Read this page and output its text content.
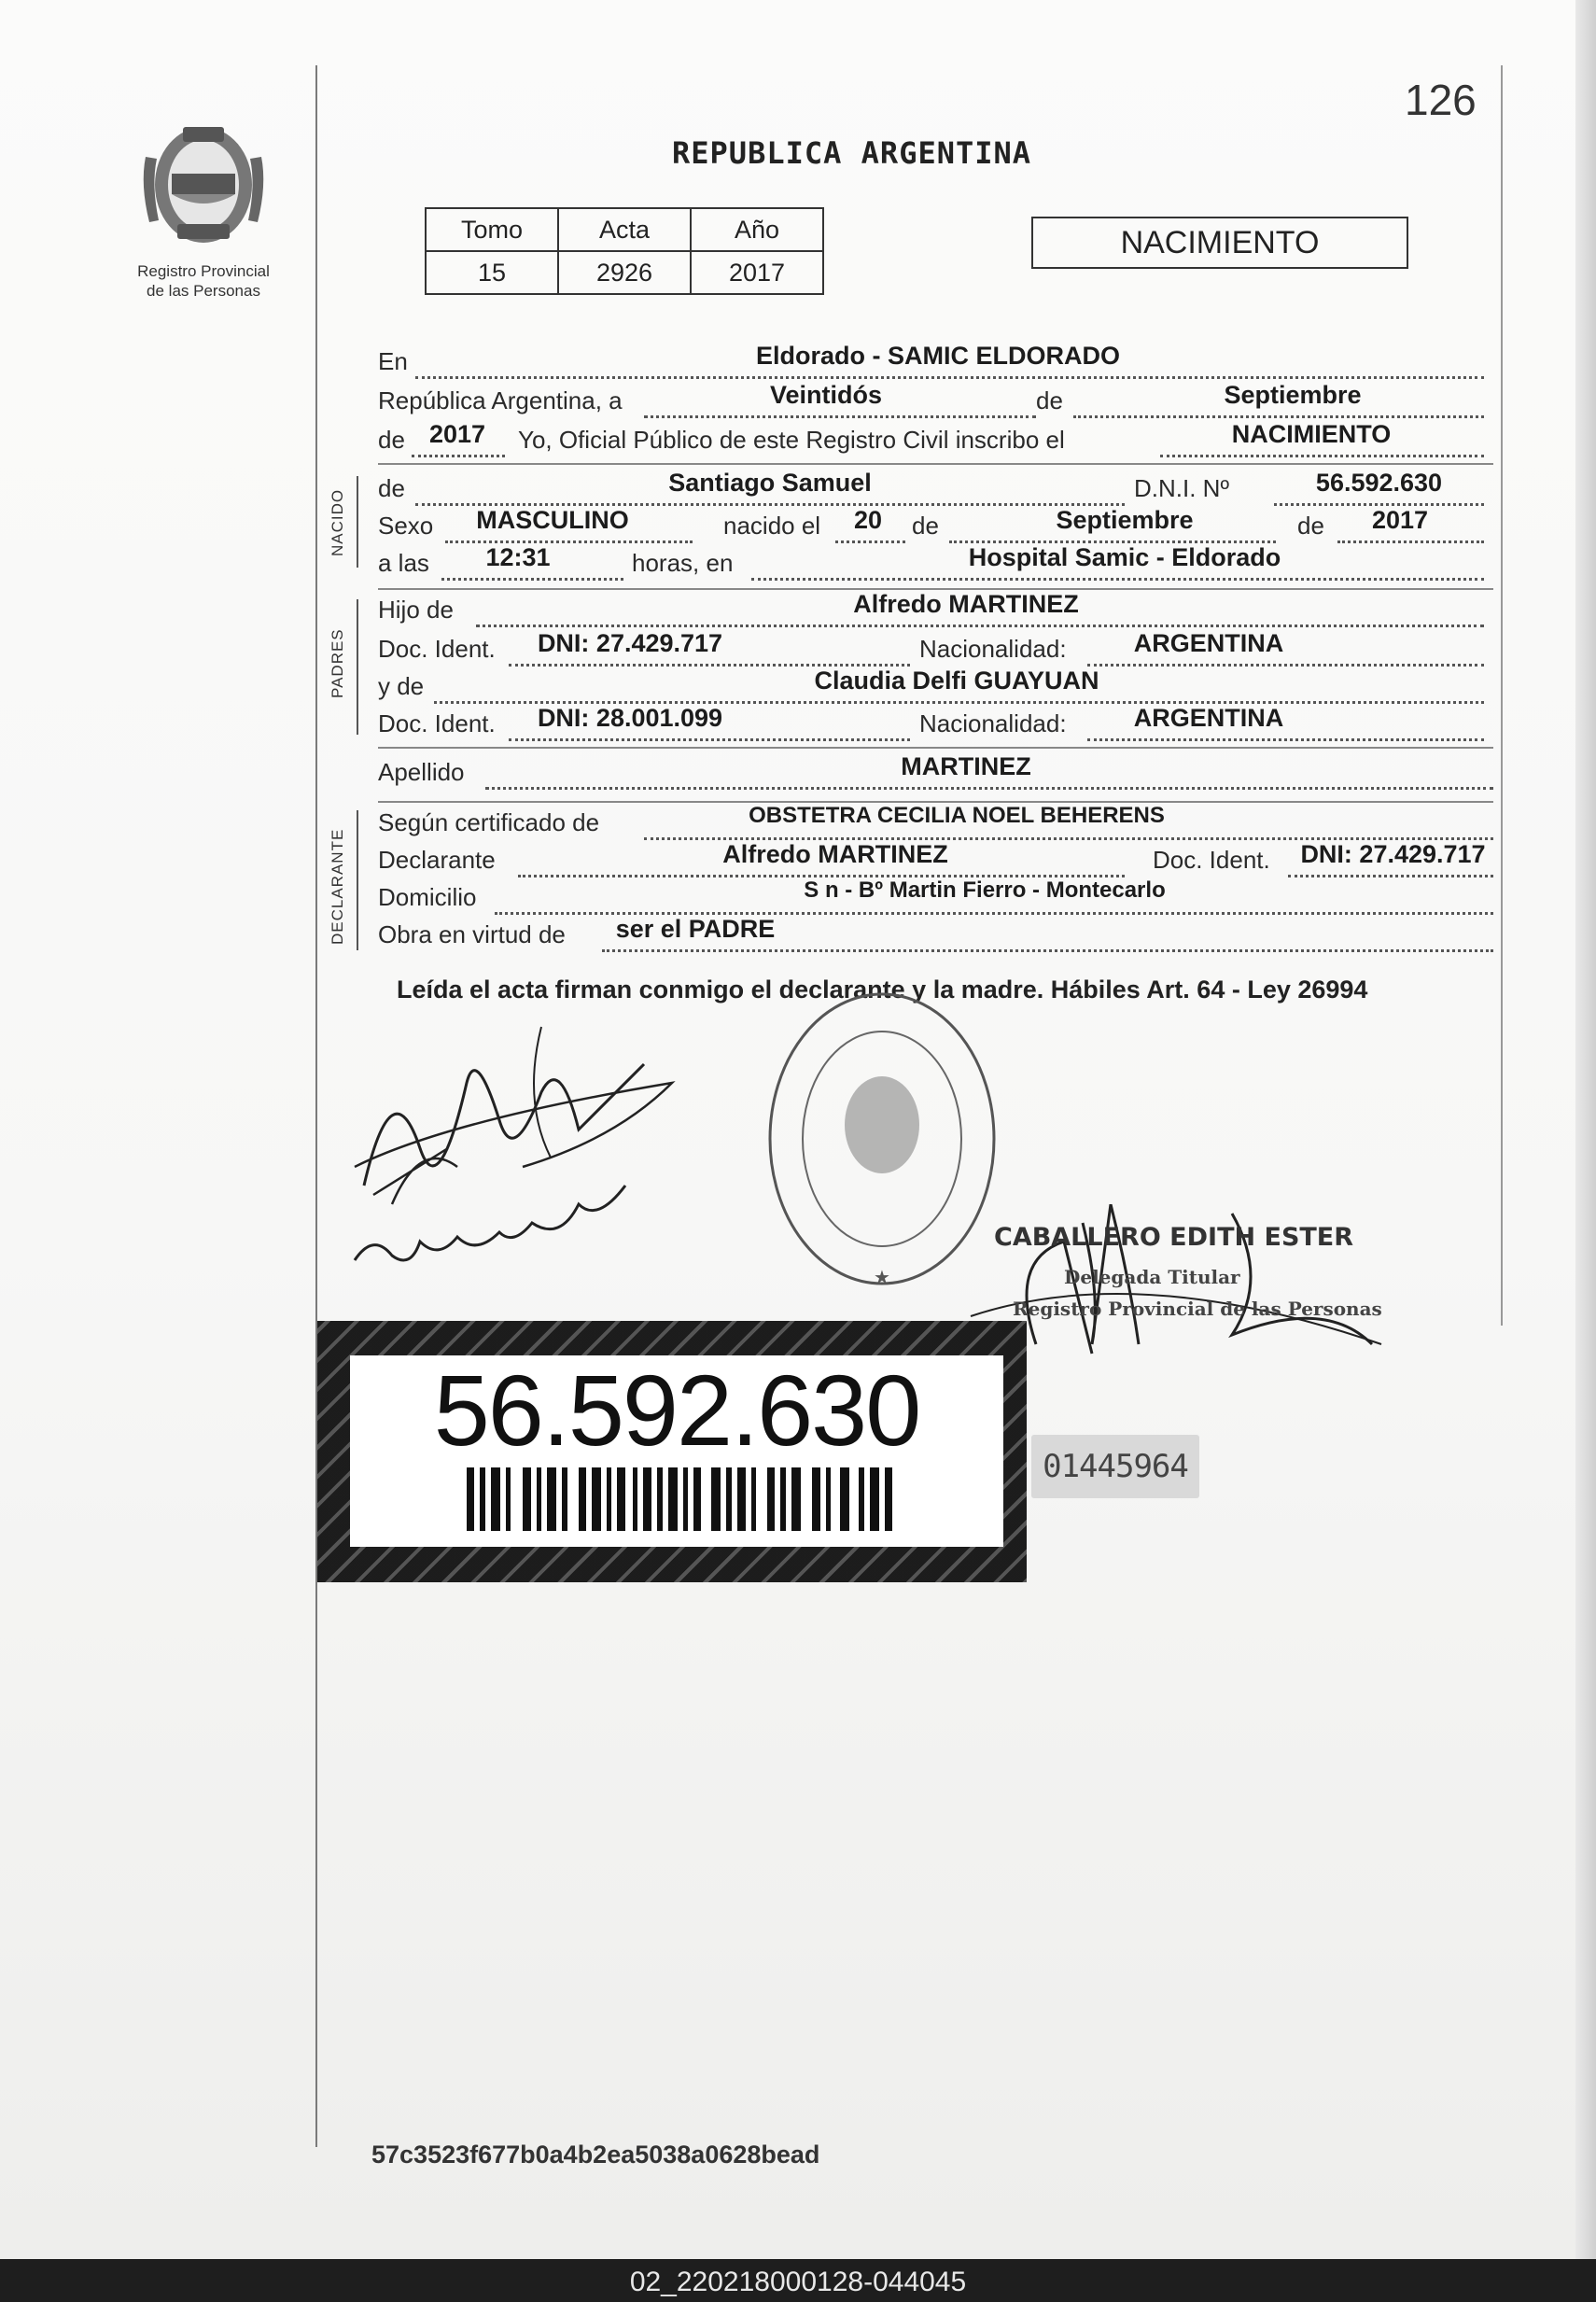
Registro Provincial
de las Personas
126
REPUBLICA ARGENTINA
Tomo	Acta	Año
15	2926	2017
NACIMIENTO
En	Eldorado - SAMIC ELDORADO
República Argentina, a	Veintidós	de	Septiembre
de 2017	Yo, Oficial Público de este Registro Civil inscribo el	NACIMIENTO
NACIDO
de	Santiago Samuel	D.N.I. Nº	56.592.630
Sexo	MASCULINO	nacido el	20	de	Septiembre	de	2017
a las	12:31	horas, en	Hospital Samic - Eldorado
PADRES
Hijo de	Alfredo MARTINEZ
Doc. Ident.	DNI: 27.429.717	Nacionalidad:	ARGENTINA
y de	Claudia Delfi GUAYUAN
Doc. Ident.	DNI: 28.001.099	Nacionalidad:	ARGENTINA
Apellido	MARTINEZ
DECLARANTE
Según certificado de	OBSTETRA CECILIA NOEL BEHERENS
Declarante	Alfredo MARTINEZ	Doc. Ident.	DNI: 27.429.717
Domicilio	S n - Bº Martin Fierro - Montecarlo
Obra en virtud de	ser el PADRE
Leída el acta firman conmigo el declarante y la madre. Hábiles Art. 64 - Ley 26994
★
CABALLERO EDITH ESTER
Delegada Titular
Registro Provincial de las Personas
56.592.630	01445964
57c3523f677b0a4b2ea5038a0628bead
02_220218000128-044045
